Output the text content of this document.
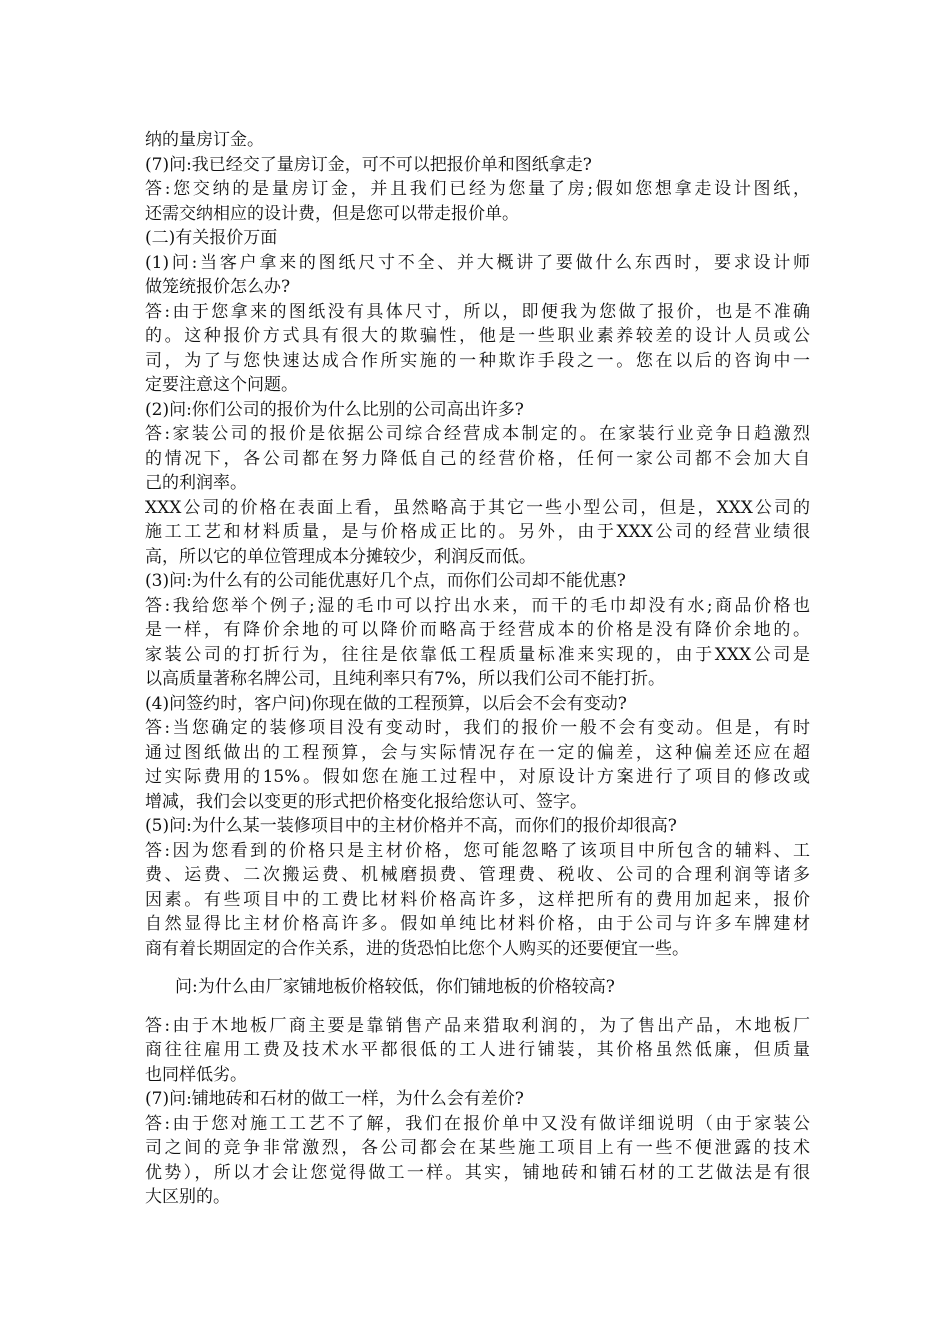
纳的量房订金。
(7)问:我已经交了量房订金，可不可以把报价单和图纸拿走?
答:您交纳的是量房订金，并且我们已经为您量了房;假如您想拿走设计图纸，
还需交纳相应的设计费，但是您可以带走报价单。
(二)有关报价万面
(1)问:当客户拿来的图纸尺寸不全、并大概讲了要做什么东西时，要求设计师
做笼统报价怎么办?
答:由于您拿来的图纸没有具体尺寸，所以，即便我为您做了报价，也是不准确
的。这种报价方式具有很大的欺骗性，他是一些职业素养较差的设计人员或公
司，为了与您快速达成合作所实施的一种欺诈手段之一。您在以后的咨询中一
定要注意这个问题。
(2)问:你们公司的报价为什么比别的公司高出许多?
答:家装公司的报价是依据公司综合经营成本制定的。在家装行业竞争日趋激烈
的情况下，各公司都在努力降低自己的经营价格，任何一家公司都不会加大自
己的利润率。
XXX公司的价格在表面上看，虽然略高于其它一些小型公司，但是，XXX公司的
施工工艺和材料质量，是与价格成正比的。另外，由于XXX公司的经营业绩很
高，所以它的单位管理成本分摊较少，利润反而低。
(3)问:为什么有的公司能优惠好几个点，而你们公司却不能优惠?
答:我给您举个例子;湿的毛巾可以拧出水来，而干的毛巾却没有水;商品价格也
是一样，有降价余地的可以降价而略高于经营成本的价格是没有降价余地的。
家装公司的打折行为，往往是依靠低工程质量标准来实现的，由于XXX公司是
以高质量著称名牌公司，且纯利率只有7%，所以我们公司不能打折。
(4)问签约时，客户问)你现在做的工程预算，以后会不会有变动?
答:当您确定的装修项目没有变动时，我们的报价一般不会有变动。但是，有时
通过图纸做出的工程预算，会与实际情况存在一定的偏差，这种偏差还应在超
过实际费用的15%。假如您在施工过程中，对原设计方案进行了项目的修改或
增减，我们会以变更的形式把价格变化报给您认可、签字。
(5)问:为什么某一装修项目中的主材价格并不高，而你们的报价却很高?
答:因为您看到的价格只是主材价格，您可能忽略了该项目中所包含的辅料、工
费、运费、二次搬运费、机械磨损费、管理费、税收、公司的合理利润等诸多
因素。有些项目中的工费比材料价格高许多，这样把所有的费用加起来，报价
自然显得比主材价格高许多。假如单纯比材料价格，由于公司与许多车牌建材
商有着长期固定的合作关系，进的货恐怕比您个人购买的还要便宜一些。
问:为什么由厂家铺地板价格较低，你们铺地板的价格较高?
答:由于木地板厂商主要是靠销售产品来猎取利润的，为了售出产品，木地板厂
商往往雇用工费及技术水平都很低的工人进行铺装，其价格虽然低廉，但质量
也同样低劣。
(7)问:铺地砖和石材的做工一样，为什么会有差价?
答:由于您对施工工艺不了解，我们在报价单中又没有做详细说明（由于家装公
司之间的竞争非常激烈，各公司都会在某些施工项目上有一些不便泄露的技术
优势），所以才会让您觉得做工一样。其实，铺地砖和铺石材的工艺做法是有很
大区别的。
